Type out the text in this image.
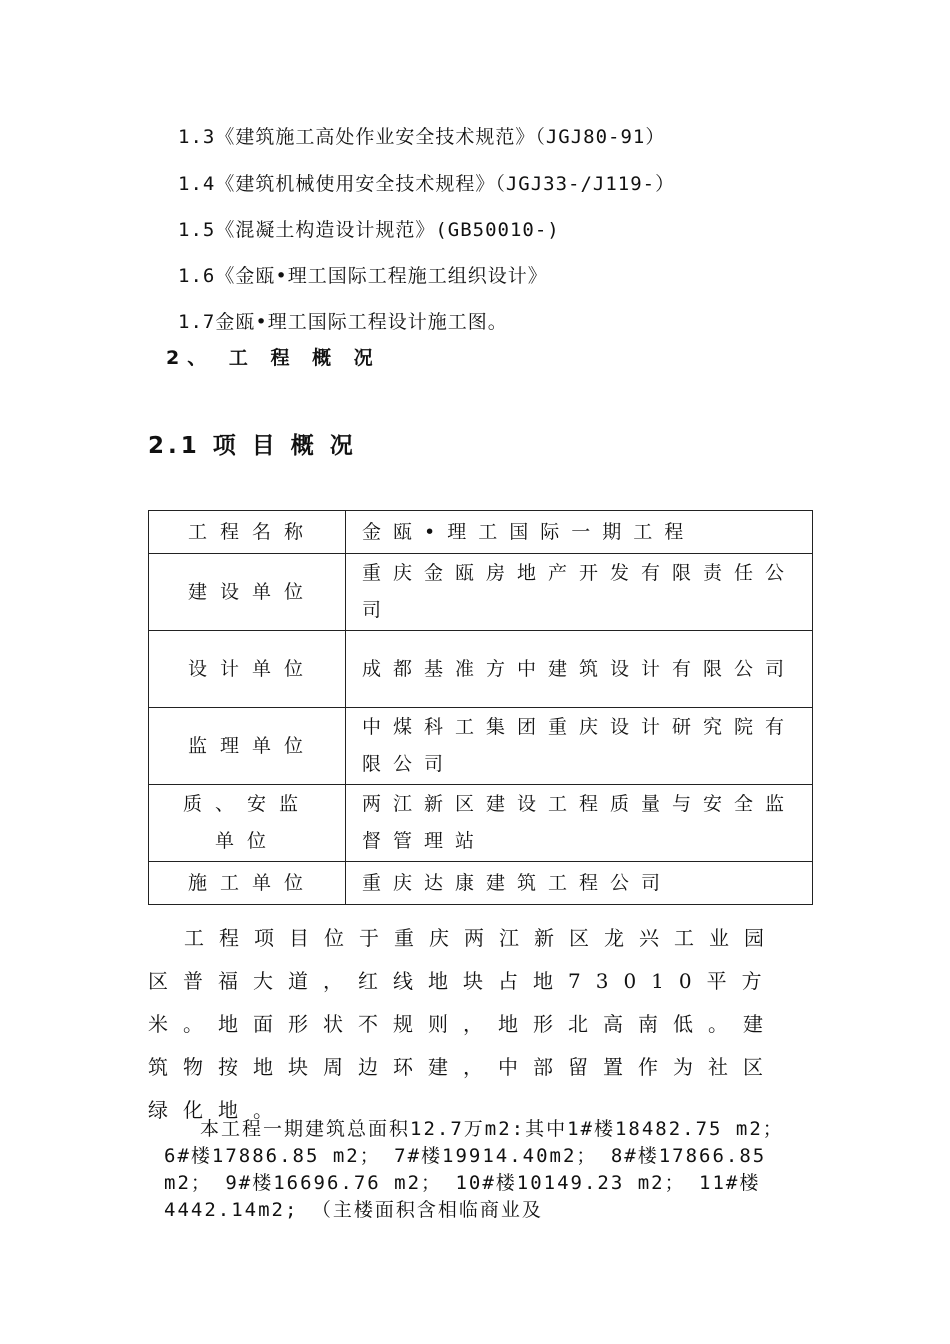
1.3《建筑施工高处作业安全技术规范》（JGJ80-91）
1.4《建筑机械使用安全技术规程》（JGJ33-/J119-）
1.5《混凝土构造设计规范》(GB50010-)
1.6《金瓯•理工国际工程施工组织设计》
1.7金瓯•理工国际工程设计施工图。
2、 工 程 概 况
2.1 项 目 概 况
工程名称	金瓯•理工国际一期工程
建设单位	重庆金瓯房地产开发有限责任公司
设计单位	成都基准方中建筑设计有限公司
监理单位	中煤科工集团重庆设计研究院有限公司
质、安监单位	两江新区建设工程质量与安全监督管理站
施工单位	重庆达康建筑工程公司
工程项目位于重庆两江新区龙兴工业园区普福大道，红线地块占地73010平方米。地面形状不规则，地形北高南低。建筑物按地块周边环建，中部留置作为社区绿化地。
本工程一期建筑总面积12.7万m2:其中1#楼18482.75 m2； 6#楼17886.85 m2； 7#楼19914.40m2； 8#楼17866.85 m2； 9#楼16696.76 m2； 10#楼10149.23 m2； 11#楼4442.14m2; （主楼面积含相临商业及
